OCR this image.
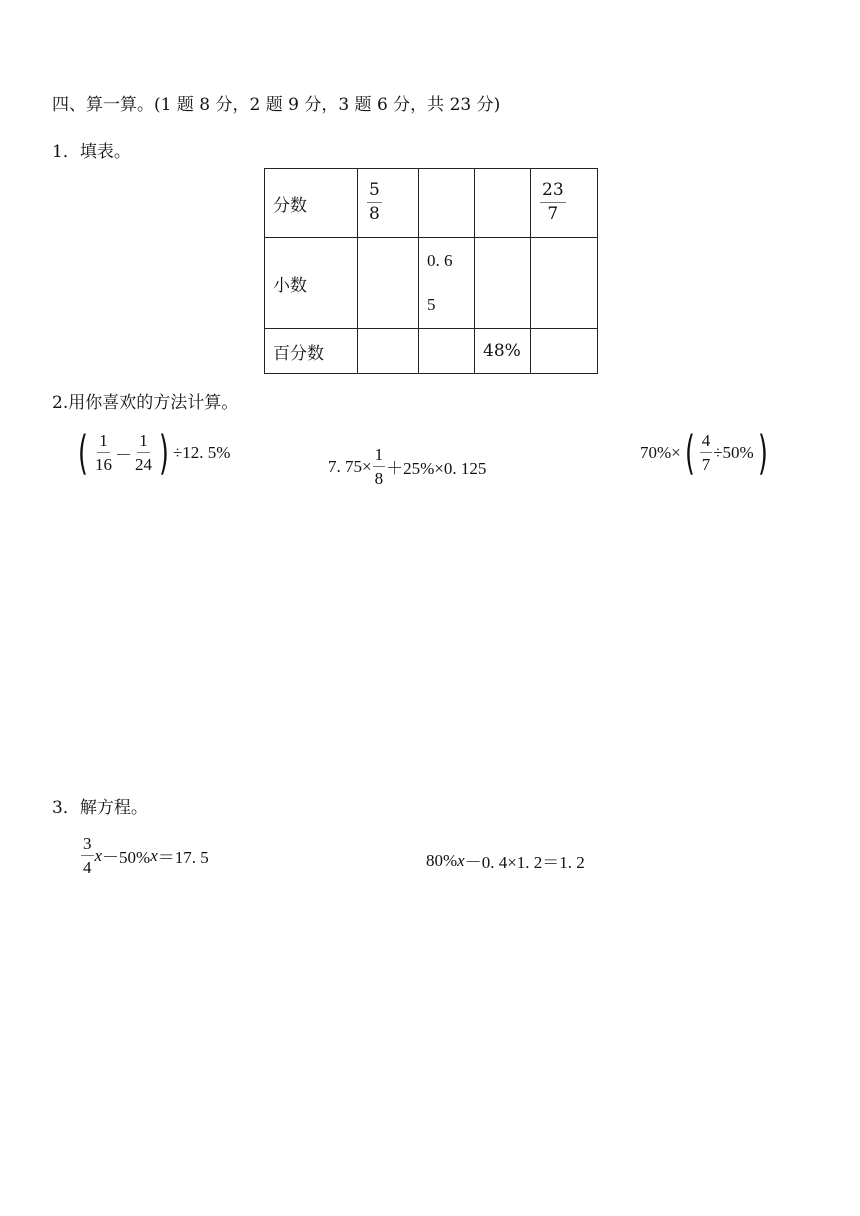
四、算一算。(1 题 8 分，2 题 9 分，3 题 6 分，共 23 分)
1．填表。
分数	$\frac{5}{8}$			$\frac{23}{7}$

小数		0. 6
5		

百分数			48%	
2.用你喜欢的方法计算。
( $\frac{1}{16} - \frac{1}{24}$ ) ÷12. 5%
7. $75\times \frac{1}{8} +25\%\times 0$. 125
70%× ( $\frac{4}{7} \div 50\%$ )
3．解方程。
$\frac{3}{4}$ x －50% x ＝17. 5	80% x －0. 4×1. 2＝1. 2
